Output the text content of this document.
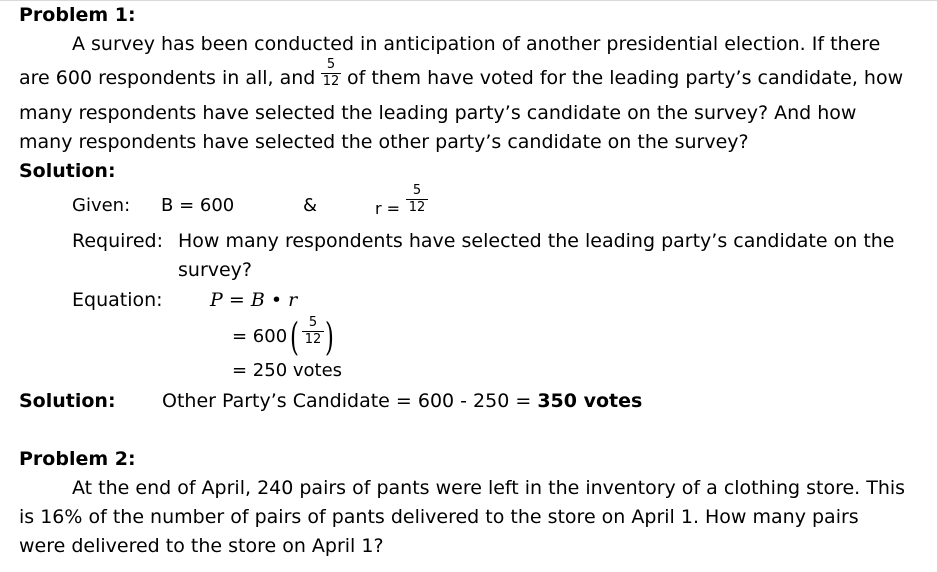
Problem 1:
A survey has been conducted in anticipation of another presidential election. If there
are 600 respondents in all, and
5
12 of them have voted for the leading party’s candidate, how
many respondents have selected the leading party’s candidate on the survey? And how
many respondents have selected the other party’s candidate on the survey?
Solution:
Given: B = 600	&	r =
5
12
Required: How many respondents have selected the leading party’s candidate on the
survey?
Equation: P = B • r
= 600 ( 5
12 )
= 250 votes
Solution: Other Party’s Candidate = 600 - 250 = 350 votes
Problem 2:
At the end of April, 240 pairs of pants were left in the inventory of a clothing store. This
is 16% of the number of pairs of pants delivered to the store on April 1. How many pairs
were delivered to the store on April 1?
